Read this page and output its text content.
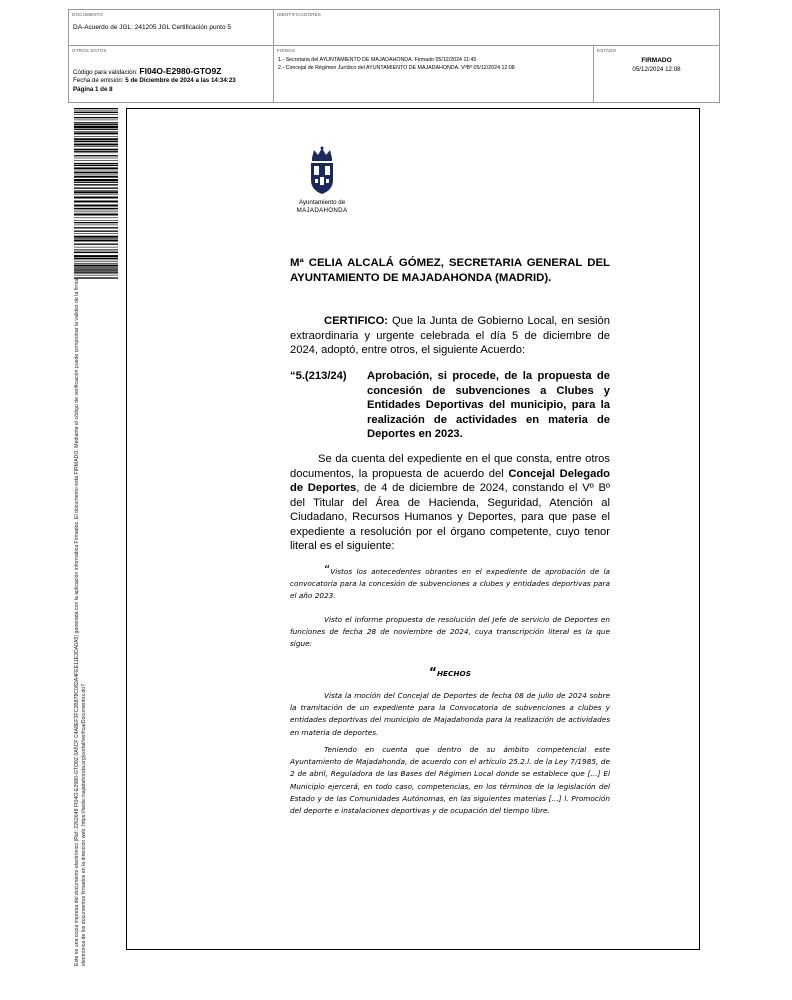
DOCUMENTO
DA-Acuerdo de JGL: 241205 JGL Certificación punto 5
IDENTIFICADORES
OTROS DATOS
Código para validación: FI04O-E2980-GTO9Z
Fecha de emisión: 5 de Diciembre de 2024 a las 14:34:23
Página 1 de 8
FIRMAS
1.- Secretaria del AYUNTAMIENTO DE MAJADAHONDA. Firmado 05/12/2024 11:45
2.- Concejal de Régimen Jurídico del AYUNTAMIENTO DE MAJADAHONDA. VºBº 05/12/2024 12:08
ESTADO
FIRMADO
05/12/2024 12:08
Este es una copia impresa del documento electrónico (Ref: 2262648 FI04O-E2980-GTO9Z 0A5CF C4A8EF3FC2B878C082A4FEE11E2DA0A5) generada con la aplicación informática Firmadoc. El documento está FIRMADO. Mediante el código de verificación puede comprobar la validez de la firma electrónica de los documentos firmados en la dirección web: https://sede.majadahonda.org/portal/verificarDocumentos.do?
Ayuntamiento de
MAJADAHONDA
Mª CELIA ALCALÁ GÓMEZ, SECRETARIA GENERAL DEL AYUNTAMIENTO DE MAJADAHONDA (MADRID).
CERTIFICO: Que la Junta de Gobierno Local, en sesión extraordinaria y urgente celebrada el día 5 de diciembre de 2024, adoptó, entre otros, el siguiente Acuerdo:
“5.(213/24) Aprobación, si procede, de la propuesta de concesión de subvenciones a Clubes y Entidades Deportivas del municipio, para la realización de actividades en materia de Deportes en 2023.
Se da cuenta del expediente en el que consta, entre otros documentos, la propuesta de acuerdo del Concejal Delegado de Deportes, de 4 de diciembre de 2024, constando el Vº Bº del Titular del Área de Hacienda, Seguridad, Atención al Ciudadano, Recursos Humanos y Deportes, para que pase el expediente a resolución por el órgano competente, cuyo tenor literal es el siguiente:
“Vistos los antecedentes obrantes en el expediente de aprobación de la convocatoria para la concesión de subvenciones a clubes y entidades deportivas para el año 2023.
Visto el informe propuesta de resolución del Jefe de servicio de Deportes en funciones de fecha 28 de noviembre de 2024, cuya transcripción literal es la que sigue:
“HECHOS
Vista la moción del Concejal de Deportes de fecha 08 de julio de 2024 sobre la tramitación de un expediente para la Convocatoria de subvenciones a clubes y entidades deportivas del municipio de Majadahonda para la realización de actividades en materia de deportes.
Teniendo en cuenta que dentro de su ámbito competencial este Ayuntamiento de Majadahonda, de acuerdo con el artículo 25.2.l. de la Ley 7/1985, de 2 de abril, Reguladora de las Bases del Régimen Local donde se establece que […] El Municipio ejercerá, en todo caso, competencias, en los términos de la legislación del Estado y de las Comunidades Autónomas, en las siguientes materias […] l. Promoción del deporte e instalaciones deportivas y de ocupación del tiempo libre.
